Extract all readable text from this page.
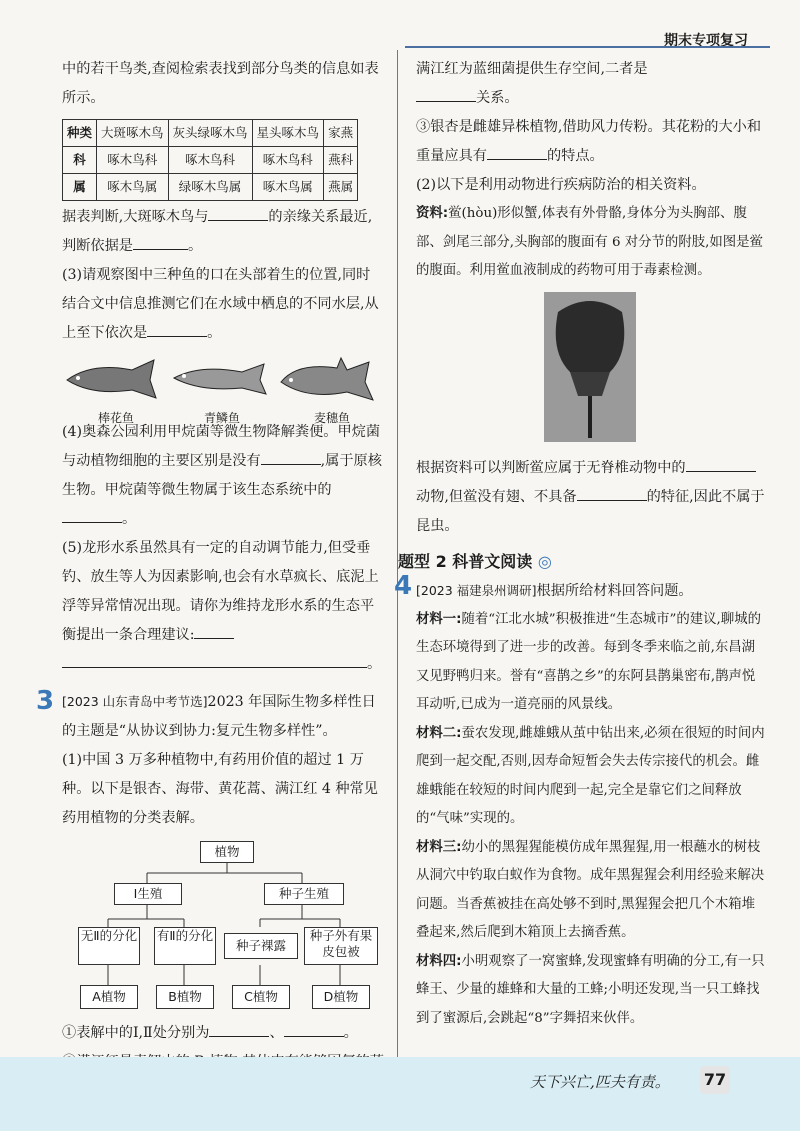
期末专项复习

中的若干鸟类,查阅检索表找到部分鸟类的信息如表所示。

种类	大斑啄木鸟	灰头绿啄木鸟	星头啄木鸟	家燕
科	啄木鸟科	啄木鸟科	啄木鸟科	燕科
属	啄木鸟属	绿啄木鸟属	啄木鸟属	燕属

据表判断,大斑啄木鸟与	的亲缘关系最近,判断依据是	。

(3)请观察图中三种鱼的口在头部着生的位置,同时结合文中信息推测它们在水域中栖息的不同水层,从上至下依次是	。

棒花鱼	青鳞鱼	麦穗鱼

(4)奥森公园利用甲烷菌等微生物降解粪便。甲烷菌与动植物细胞的主要区别是没有	,属于原核生物。甲烷菌等微生物属于该生态系统中的。

(5)龙形水系虽然具有一定的自动调节能力,但受垂钓、放生等人为因素影响,也会有水草疯长、底泥上浮等异常情况出现。请你为维持龙形水系的生态平衡提出一条合理建议:
。

3 [2023 山东青岛中考节选]2023 年国际生物多样性日的主题是“从协议到协力:复元生物多样性”。

(1)中国 3 万多种植物中,有药用价值的超过 1 万种。以下是银杏、海带、黄花蒿、满江红 4 种常见药用植物的分类表解。

植物
Ⅰ生殖	种子生殖
无Ⅱ的分化 有Ⅱ的分化
种子裸露
种子外有果皮包被
A植物	B植物	C植物	D植物

①表解中的Ⅰ,Ⅱ处分别为	、	。

满江红为蓝细菌提供生存空间,二者是
关系。

③银杏是雌雄异株植物,借助风力传粉。其花粉的大小和重量应具有	的特点。

(2)以下是利用动物进行疾病防治的相关资料。

资料:鲎(hòu)形似蟹,体表有外骨骼,身体分为头胸部、腹部、剑尾三部分,头胸部的腹面有 6 对分节的附肢,如图是鲎的腹面。利用鲎血液制成的药物可用于毒素检测。

根据资料可以判断鲎应属于无脊椎动物中的动物,但鲎没有翅、不具备	的特征,因此不属于昆虫。

题型 2 科普文阅读 ◎

4 [2023 福建泉州调研]根据所给材料回答问题。

材料一:随着“江北水城”积极推进“生态城市”的建议,聊城的生态环境得到了进一步的改善。每到冬季来临之前,东昌湖又见野鸭归来。誉有“喜鹊之乡”的东阿县鹊巢密布,鹊声悦耳动听,已成为一道亮丽的风景线。

材料二:蚕农发现,雌雄蛾从茧中钻出来,必须在很短的时间内爬到一起交配,否则,因寿命短暂会失去传宗接代的机会。雌雄蛾能在较短的时间内爬到一起,完全是靠它们之间释放的“气味”实现的。

材料三:幼小的黑猩猩能模仿成年黑猩猩,用一根蘸水的树枝从洞穴中钓取白蚁作为食物。成年黑猩猩会利用经验来解决问题。当香蕉被挂在高处够不到时,黑猩猩会把几个木箱堆叠起来,然后爬到木箱顶上去摘香蕉。

材料四:小明观察了一窝蜜蜂,发现蜜蜂有明确的分工,有一只蜂王、少量的雄蜂和大量的工蜂;小明还发现,当一只工蜂找到了蜜源后,会跳起“8”字舞招来伙伴。

天下兴亡,匹夫有责。 77
